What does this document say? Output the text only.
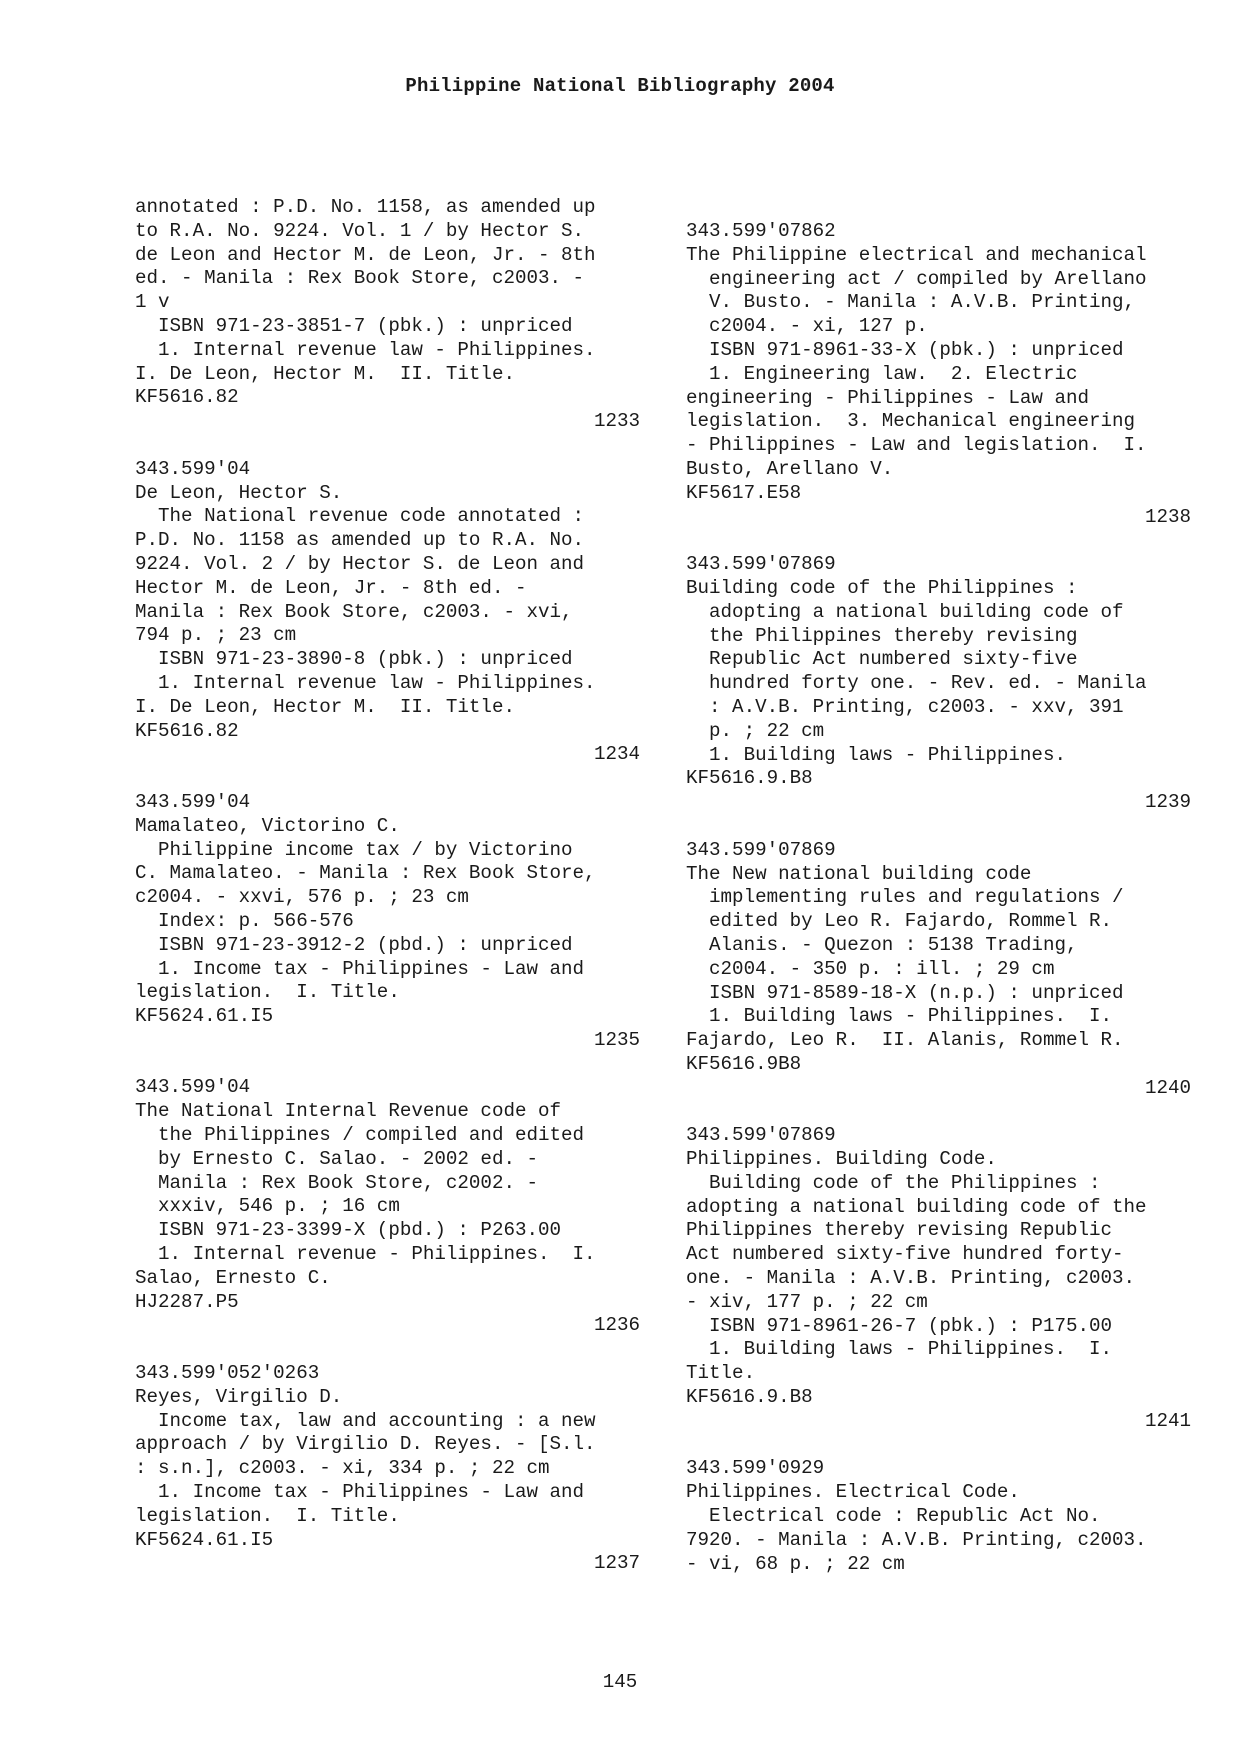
Philippine National Bibliography 2004
annotated : P.D. No. 1158, as amended up
to R.A. No. 9224. Vol. 1 / by Hector S.
de Leon and Hector M. de Leon, Jr. - 8th
ed. - Manila : Rex Book Store, c2003. -
1 v
ISBN 971-23-3851-7 (pbk.) : unpriced
1. Internal revenue law - Philippines.
I. De Leon, Hector M.  II. Title.
KF5616.82
1233
343.599'04
De Leon, Hector S.
The National revenue code annotated :
P.D. No. 1158 as amended up to R.A. No.
9224. Vol. 2 / by Hector S. de Leon and
Hector M. de Leon, Jr. - 8th ed. -
Manila : Rex Book Store, c2003. - xvi,
794 p. ; 23 cm
ISBN 971-23-3890-8 (pbk.) : unpriced
1. Internal revenue law - Philippines.
I. De Leon, Hector M.  II. Title.
KF5616.82
1234
343.599'04
Mamalateo, Victorino C.
Philippine income tax / by Victorino
C. Mamalateo. - Manila : Rex Book Store,
c2004. - xxvi, 576 p. ; 23 cm
Index: p. 566-576
ISBN 971-23-3912-2 (pbd.) : unpriced
1. Income tax - Philippines - Law and
legislation.  I. Title.
KF5624.61.I5
1235
343.599'04
The National Internal Revenue code of
the Philippines / compiled and edited
by Ernesto C. Salao. - 2002 ed. -
Manila : Rex Book Store, c2002. -
xxxiv, 546 p. ; 16 cm
ISBN 971-23-3399-X (pbd.) : P263.00
1. Internal revenue - Philippines.  I.
Salao, Ernesto C.
HJ2287.P5
1236
343.599'052'0263
Reyes, Virgilio D.
Income tax, law and accounting : a new
approach / by Virgilio D. Reyes. - [S.l.
: s.n.], c2003. - xi, 334 p. ; 22 cm
1. Income tax - Philippines - Law and
legislation.  I. Title.
KF5624.61.I5
1237
343.599'07862
The Philippine electrical and mechanical
engineering act / compiled by Arellano
V. Busto. - Manila : A.V.B. Printing,
c2004. - xi, 127 p.
ISBN 971-8961-33-X (pbk.) : unpriced
1. Engineering law.  2. Electric
engineering - Philippines - Law and
legislation.  3. Mechanical engineering
- Philippines - Law and legislation.  I.
Busto, Arellano V.
KF5617.E58
1238
343.599'07869
Building code of the Philippines :
adopting a national building code of
the Philippines thereby revising
Republic Act numbered sixty-five
hundred forty one. - Rev. ed. - Manila
: A.V.B. Printing, c2003. - xxv, 391
p. ; 22 cm
1. Building laws - Philippines.
KF5616.9.B8
1239
343.599'07869
The New national building code
implementing rules and regulations /
edited by Leo R. Fajardo, Rommel R.
Alanis. - Quezon : 5138 Trading,
c2004. - 350 p. : ill. ; 29 cm
ISBN 971-8589-18-X (n.p.) : unpriced
1. Building laws - Philippines.  I.
Fajardo, Leo R.  II. Alanis, Rommel R.
KF5616.9B8
1240
343.599'07869
Philippines. Building Code.
Building code of the Philippines :
adopting a national building code of the
Philippines thereby revising Republic
Act numbered sixty-five hundred forty-
one. - Manila : A.V.B. Printing, c2003.
- xiv, 177 p. ; 22 cm
ISBN 971-8961-26-7 (pbk.) : P175.00
1. Building laws - Philippines.  I.
Title.
KF5616.9.B8
1241
343.599'0929
Philippines. Electrical Code.
Electrical code : Republic Act No.
7920. - Manila : A.V.B. Printing, c2003.
- vi, 68 p. ; 22 cm
145
